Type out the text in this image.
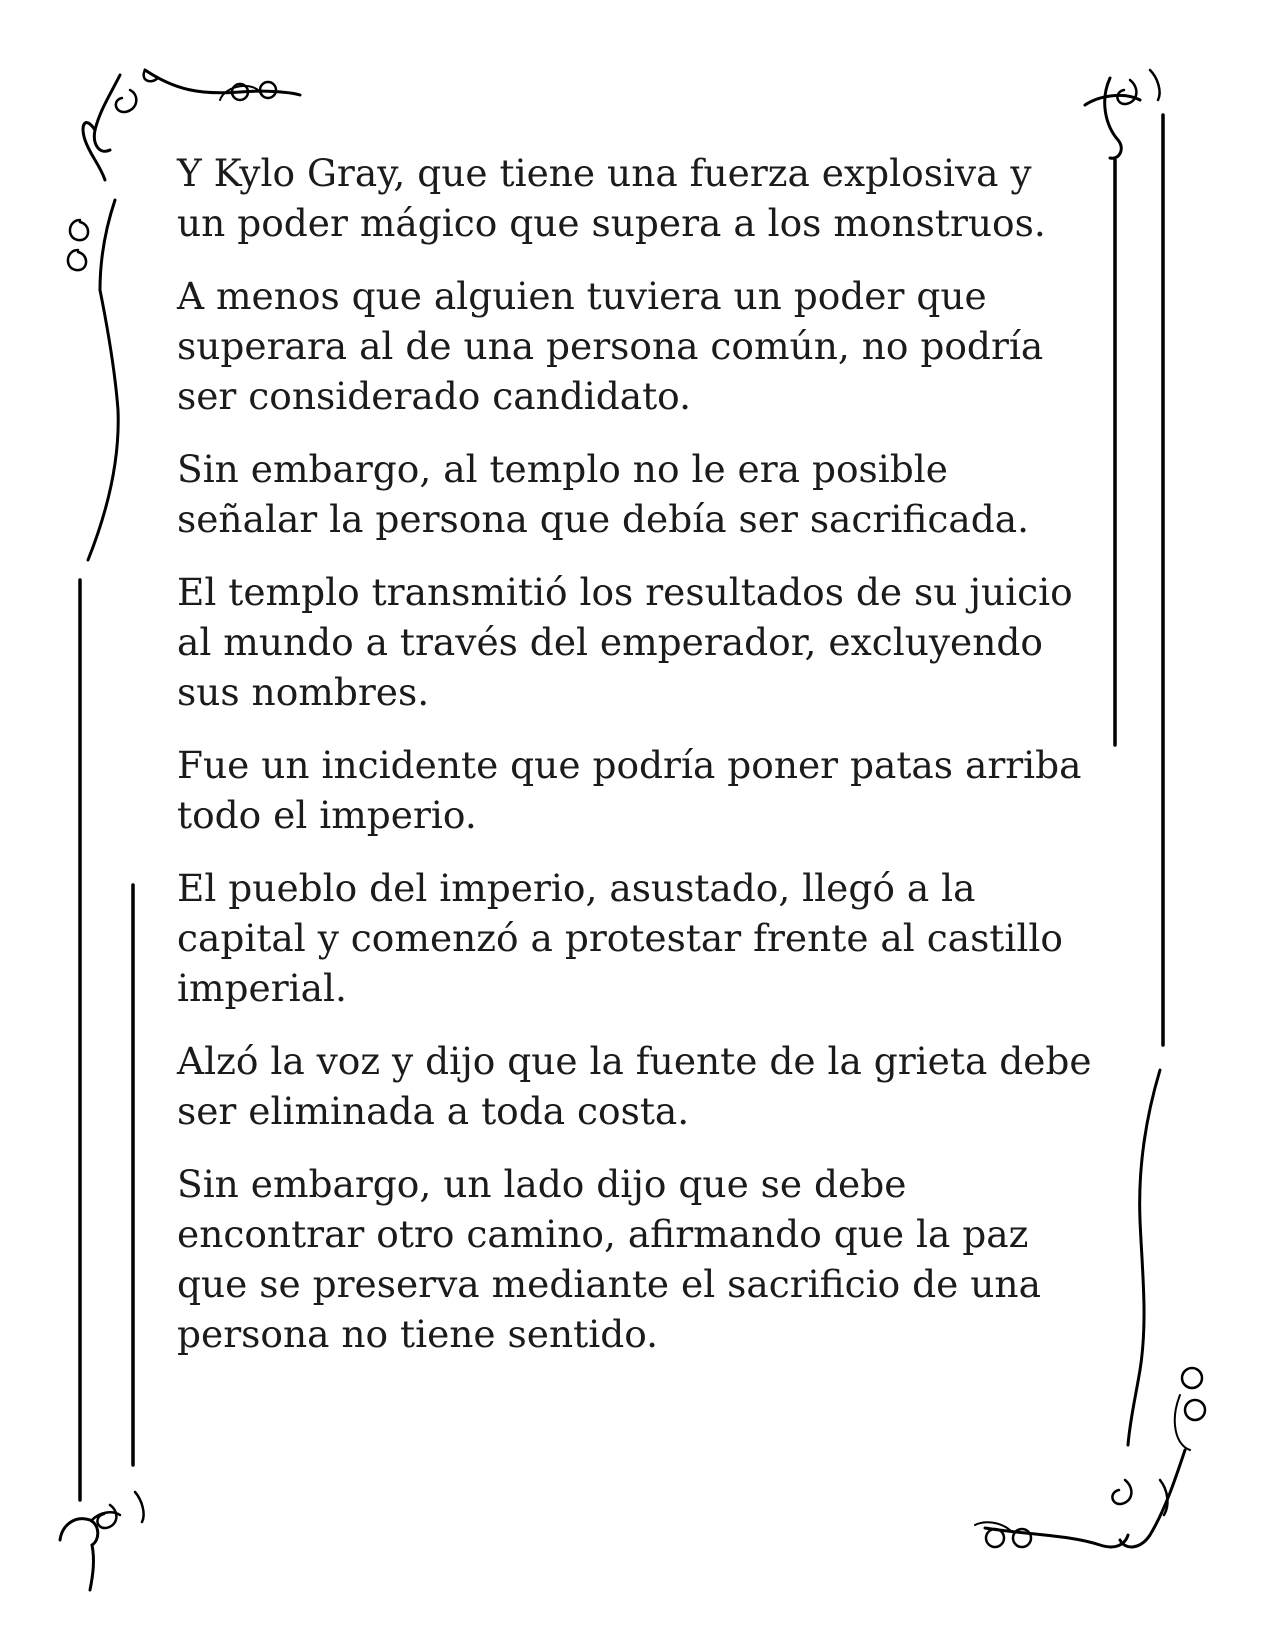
Y Kylo Gray, que tiene una fuerza explosiva y
un poder mágico que supera a los monstruos.

A menos que alguien tuviera un poder que
superara al de una persona común, no podría
ser considerado candidato.

Sin embargo, al templo no le era posible
señalar la persona que debía ser sacrificada.

El templo transmitió los resultados de su juicio
al mundo a través del emperador, excluyendo
sus nombres.

Fue un incidente que podría poner patas arriba
todo el imperio.

El pueblo del imperio, asustado, llegó a la
capital y comenzó a protestar frente al castillo
imperial.

Alzó la voz y dijo que la fuente de la grieta debe
ser eliminada a toda costa.

Sin embargo, un lado dijo que se debe
encontrar otro camino, afirmando que la paz
que se preserva mediante el sacrificio de una
persona no tiene sentido.
